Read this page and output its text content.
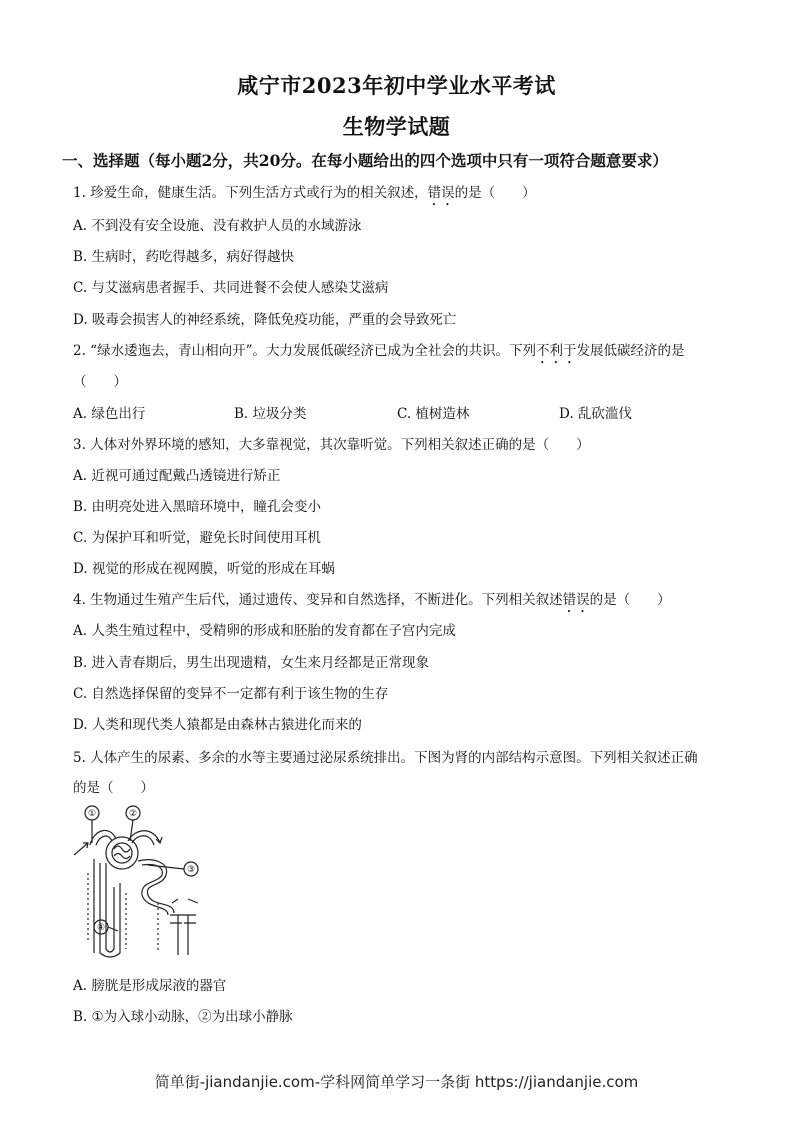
咸宁市2023年初中学业水平考试
生物学试题
一、选择题（每小题2分，共20分。在每小题给出的四个选项中只有一项符合题意要求）
1. 珍爱生命，健康生活。下列生活方式或行为的相关叙述，错误的是（　　）
A. 不到没有安全设施、没有救护人员的水域游泳
B. 生病时，药吃得越多，病好得越快
C. 与艾滋病患者握手、共同进餐不会使人感染艾滋病
D. 吸毒会损害人的神经系统，降低免疫功能，严重的会导致死亡
2. “绿水逶迤去，青山相向开”。大力发展低碳经济已成为全社会的共识。下列不利于发展低碳经济的是
（　　）
A. 绿色出行	B. 垃圾分类	C. 植树造林	D. 乱砍滥伐
3. 人体对外界环境的感知，大多靠视觉，其次靠听觉。下列相关叙述正确的是（　　）
A. 近视可通过配戴凸透镜进行矫正
B. 由明亮处进入黑暗环境中，瞳孔会变小
C. 为保护耳和听觉，避免长时间使用耳机
D. 视觉的形成在视网膜，听觉的形成在耳蜗
4. 生物通过生殖产生后代，通过遗传、变异和自然选择，不断进化。下列相关叙述错误的是（　　）
A. 人类生殖过程中，受精卵的形成和胚胎的发育都在子宫内完成
B. 进入青春期后，男生出现遗精，女生来月经都是正常现象
C. 自然选择保留的变异不一定都有利于该生物的生存
D. 人类和现代类人猿都是由森林古猿进化而来的
5. 人体产生的尿素、多余的水等主要通过泌尿系统排出。下图为肾的内部结构示意图。下列相关叙述正确
的是（　　）
①	②
③
④
A. 膀胱是形成尿液的器官
B. ①为入球小动脉，②为出球小静脉
简单街-jiandanjie.com-学科网简单学习一条街 https://jiandanjie.com
